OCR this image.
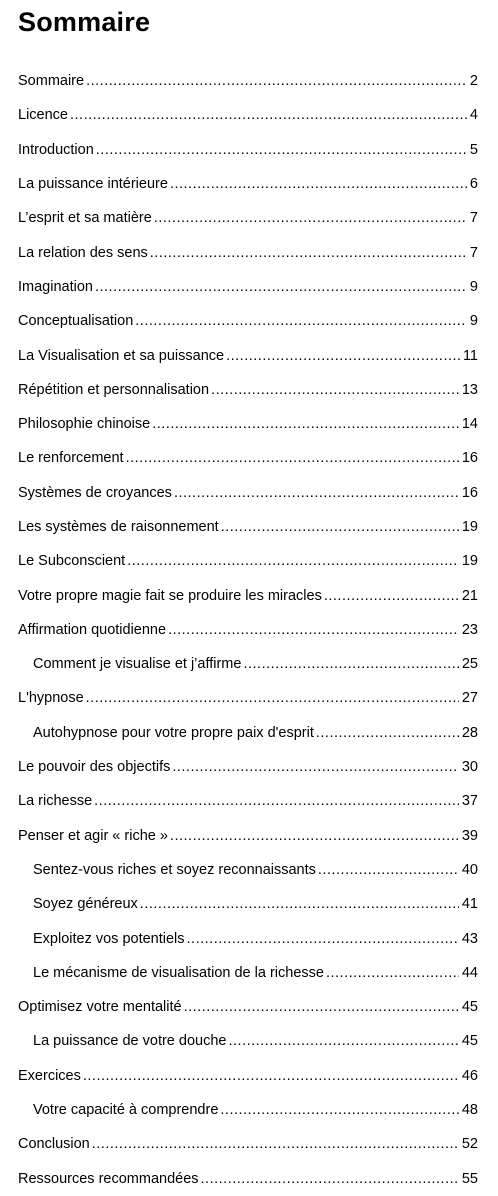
Sommaire
Sommaire .....	2
Licence .....	4
Introduction .....	5
La puissance intérieure .....	6
L’esprit et sa matière .....	7
La relation des sens .....	7
Imagination .....	9
Conceptualisation .....	9
La Visualisation et sa puissance .....	11
Répétition et personnalisation .....	13
Philosophie chinoise .....	14
Le renforcement .....	16
Systèmes de croyances .....	16
Les systèmes de raisonnement .....	19
Le Subconscient .....	19
Votre propre magie fait se produire les miracles .....	21
Affirmation quotidienne .....	23
Comment je visualise et j’affirme .....	25
L'hypnose .....	27
Autohypnose pour votre propre paix d'esprit .....	28
Le pouvoir des objectifs .....	30
La richesse .....	37
Penser et agir « riche » .....	39
Sentez-vous riches et soyez reconnaissants .....	40
Soyez généreux .....	41
Exploitez vos potentiels .....	43
Le mécanisme de visualisation de la richesse .....	44
Optimisez votre mentalité .....	45
La puissance de votre douche .....	45
Exercices .....	46
Votre capacité à comprendre .....	48
Conclusion .....	52
Ressources recommandées .....	55
